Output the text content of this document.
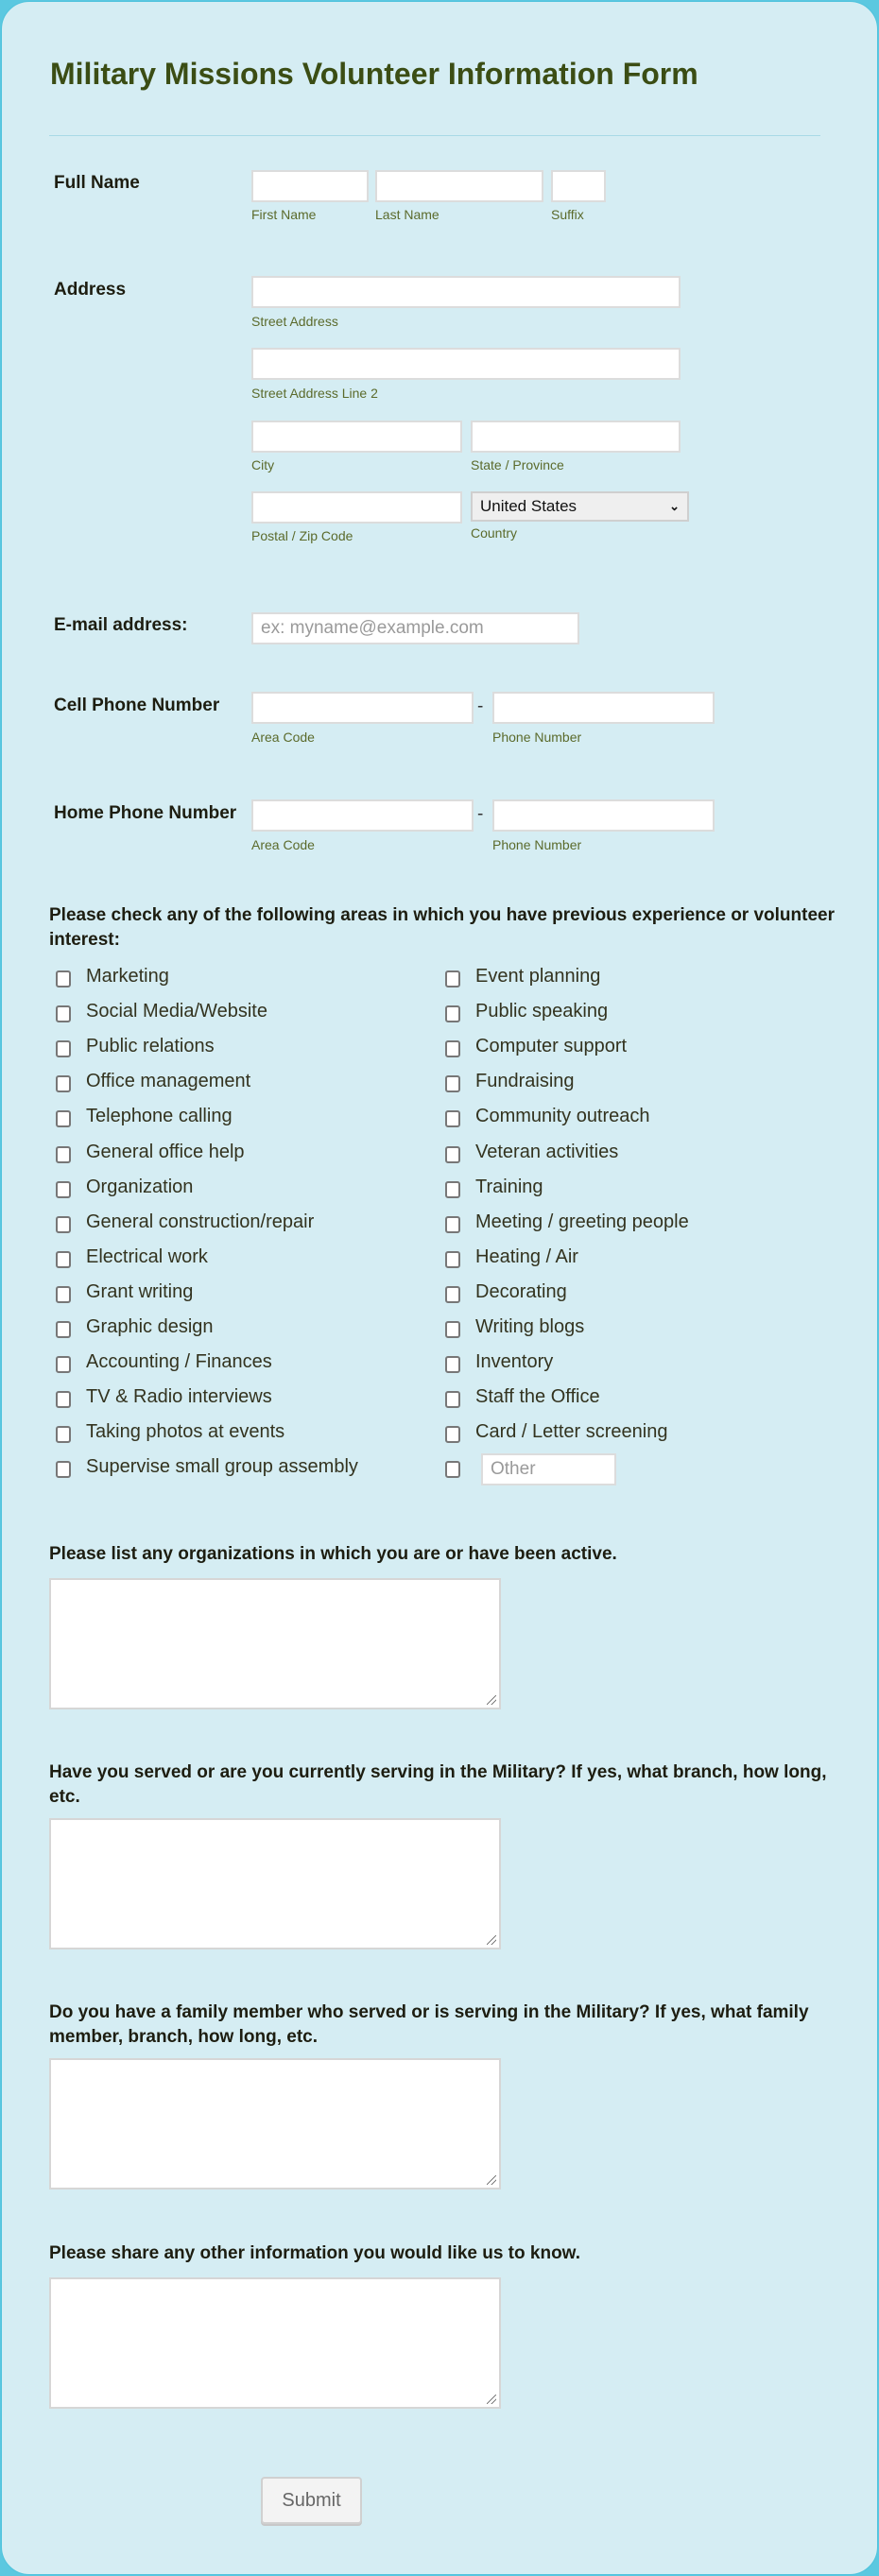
Military Missions Volunteer Information Form
Full Name
First Name	Last Name	Suffix
Address
Street Address
Street Address Line 2
City	State / Province
United States	⌄
Postal / Zip Code	Country
E-mail address:
ex: myname@example.com
Cell Phone Number	-
Area Code	Phone Number
Home Phone Number	-
Area Code	Phone Number
Please check any of the following areas in which you have previous experience or volunteer interest:
Marketing
Social Media/Website
Public relations
Office management
Telephone calling
General office help
Organization
General construction/repair
Electrical work
Grant writing
Graphic design
Accounting / Finances
TV & Radio interviews
Taking photos at events
Supervise small group assembly
Event planning
Public speaking
Computer support
Fundraising
Community outreach
Veteran activities
Training
Meeting / greeting people
Heating / Air
Decorating
Writing blogs
Inventory
Staff the Office
Card / Letter screening
Other
Please list any organizations in which you are or have been active.
Have you served or are you currently serving in the Military? If yes, what branch, how long, etc.
Do you have a family member who served or is serving in the Military? If yes, what family member, branch, how long, etc.
Please share any other information you would like us to know.
Submit
